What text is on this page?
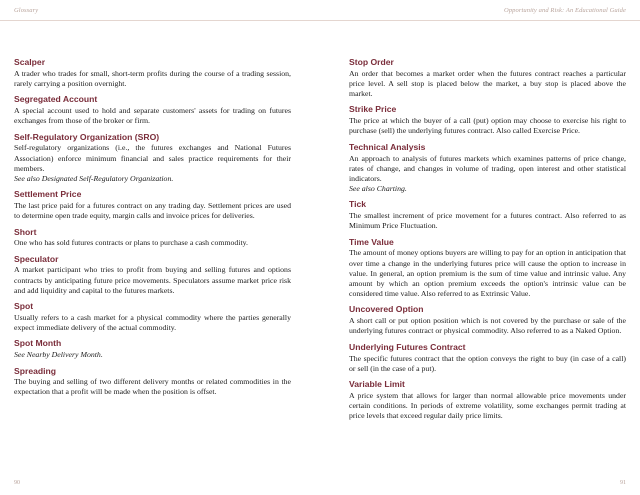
Glossary	Opportunity and Risk: An Educational Guide
Scalper
A trader who trades for small, short-term profits during the course of a trading session, rarely carrying a position overnight.
Segregated Account
A special account used to hold and separate customers' assets for trading on futures exchanges from those of the broker or firm.
Self-Regulatory Organization (SRO)
Self-regulatory organizations (i.e., the futures exchanges and National Futures Association) enforce minimum financial and sales practice requirements for their members.
See also Designated Self-Regulatory Organization.
Settlement Price
The last price paid for a futures contract on any trading day. Settlement prices are used to determine open trade equity, margin calls and invoice prices for deliveries.
Short
One who has sold futures contracts or plans to purchase a cash commodity.
Speculator
A market participant who tries to profit from buying and selling futures and options contracts by anticipating future price movements. Speculators assume market price risk and add liquidity and capital to the futures markets.
Spot
Usually refers to a cash market for a physical commodity where the parties generally expect immediate delivery of the actual commodity.
Spot Month
See Nearby Delivery Month.
Spreading
The buying and selling of two different delivery months or related commodities in the expectation that a profit will be made when the position is offset.
Stop Order
An order that becomes a market order when the futures contract reaches a particular price level. A sell stop is placed below the market, a buy stop is placed above the market.
Strike Price
The price at which the buyer of a call (put) option may choose to exercise his right to purchase (sell) the underlying futures contract. Also called Exercise Price.
Technical Analysis
An approach to analysis of futures markets which examines patterns of price change, rates of change, and changes in volume of trading, open interest and other statistical indicators.
See also Charting.
Tick
The smallest increment of price movement for a futures contract. Also referred to as Minimum Price Fluctuation.
Time Value
The amount of money options buyers are willing to pay for an option in anticipation that over time a change in the underlying futures price will cause the option to increase in value. In general, an option premium is the sum of time value and intrinsic value. Any amount by which an option premium exceeds the option's intrinsic value can be considered time value. Also referred to as Extrinsic Value.
Uncovered Option
A short call or put option position which is not covered by the purchase or sale of the underlying futures contract or physical commodity. Also referred to as a Naked Option.
Underlying Futures Contract
The specific futures contract that the option conveys the right to buy (in case of a call) or sell (in the case of a put).
Variable Limit
A price system that allows for larger than normal allowable price movements under certain conditions. In periods of extreme volatility, some exchanges permit trading at price levels that exceed regular daily price limits.
90	91
